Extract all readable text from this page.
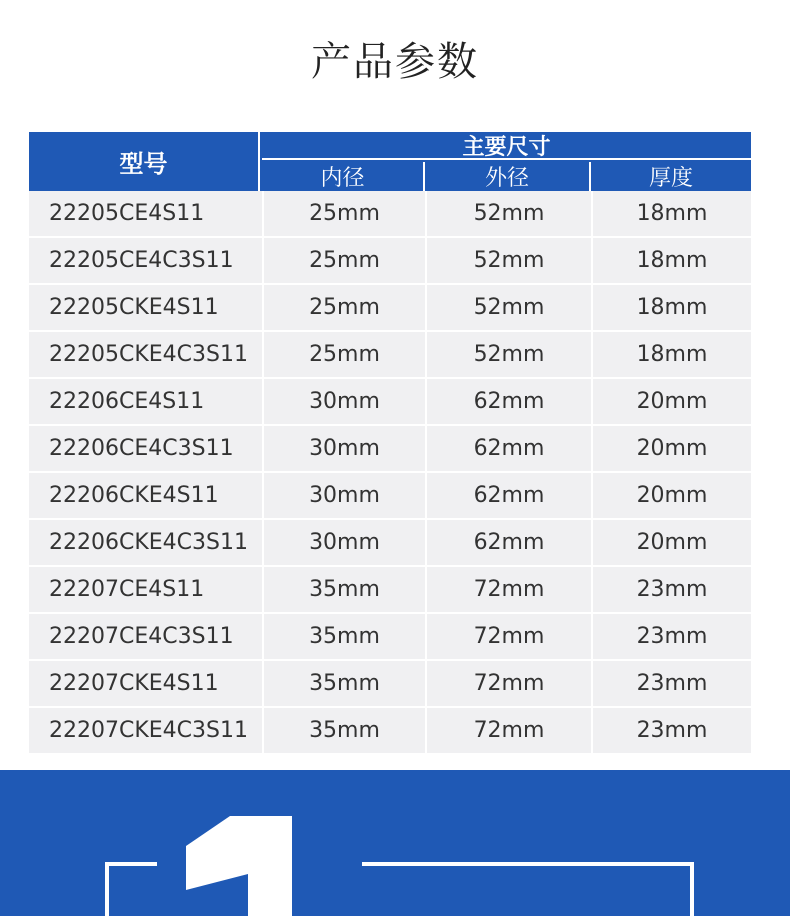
产品参数
型号
主要尺寸
内径	外径	厚度
22205CE4S11	25mm	52mm	18mm
22205CE4C3S11	25mm	52mm	18mm
22205CKE4S11	25mm	52mm	18mm
22205CKE4C3S11	25mm	52mm	18mm
22206CE4S11	30mm	62mm	20mm
22206CE4C3S11	30mm	62mm	20mm
22206CKE4S11	30mm	62mm	20mm
22206CKE4C3S11	30mm	62mm	20mm
22207CE4S11	35mm	72mm	23mm
22207CE4C3S11	35mm	72mm	23mm
22207CKE4S11	35mm	72mm	23mm
22207CKE4C3S11	35mm	72mm	23mm
